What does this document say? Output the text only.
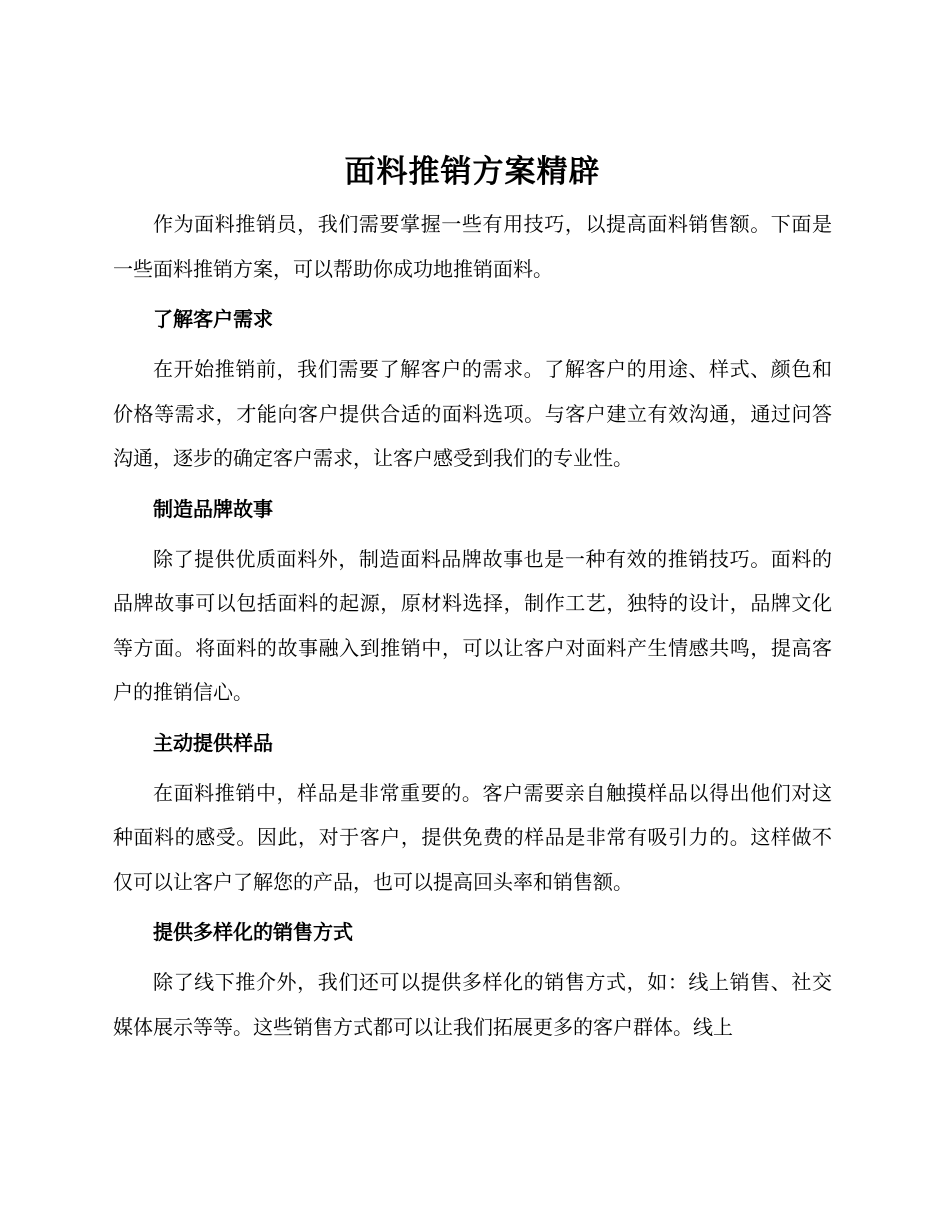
面料推销方案精辟

作为面料推销员，我们需要掌握一些有用技巧，以提高面料销售额。下面是一些面料推销方案，可以帮助你成功地推销面料。

了解客户需求

在开始推销前，我们需要了解客户的需求。了解客户的用途、样式、颜色和价格等需求，才能向客户提供合适的面料选项。与客户建立有效沟通，通过问答沟通，逐步的确定客户需求，让客户感受到我们的专业性。

制造品牌故事

除了提供优质面料外，制造面料品牌故事也是一种有效的推销技巧。面料的品牌故事可以包括面料的起源，原材料选择，制作工艺，独特的设计，品牌文化等方面。将面料的故事融入到推销中，可以让客户对面料产生情感共鸣，提高客户的推销信心。

主动提供样品

在面料推销中，样品是非常重要的。客户需要亲自触摸样品以得出他们对这种面料的感受。因此，对于客户，提供免费的样品是非常有吸引力的。这样做不仅可以让客户了解您的产品，也可以提高回头率和销售额。

提供多样化的销售方式

除了线下推介外，我们还可以提供多样化的销售方式，如：线上销售、社交媒体展示等等。这些销售方式都可以让我们拓展更多的客户群体。线上
